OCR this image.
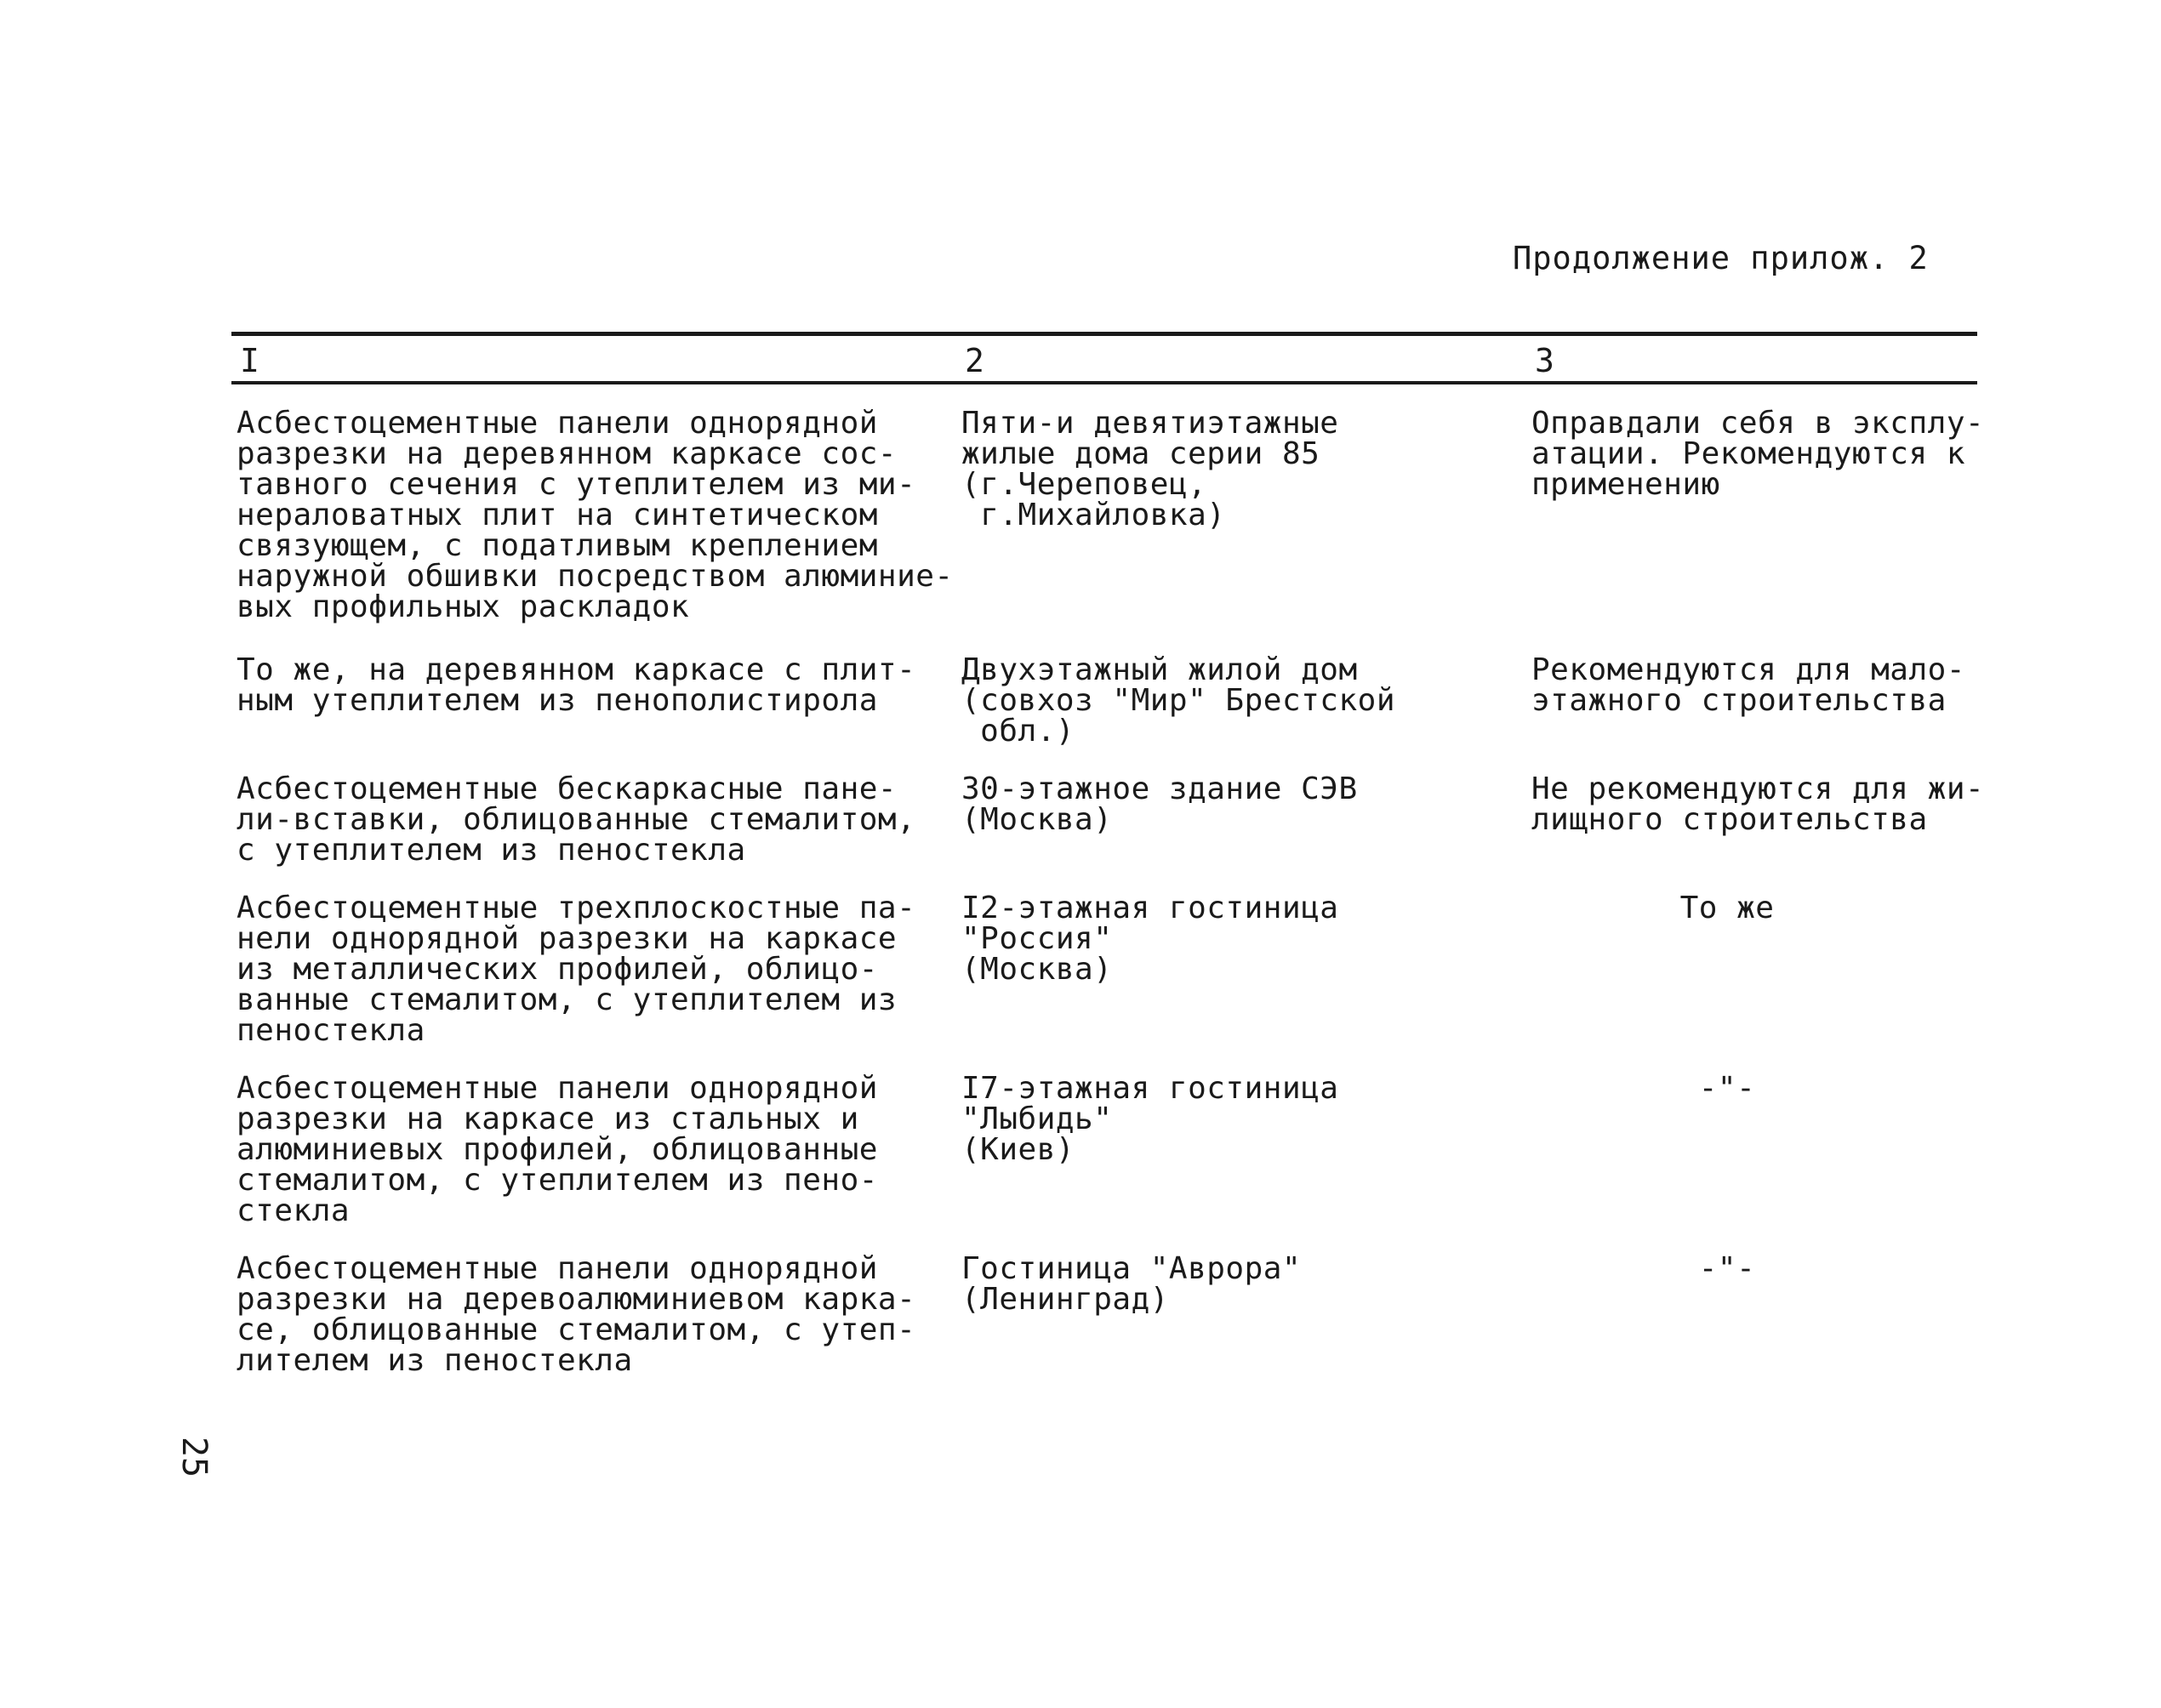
Продолжение прилож. 2
I	2	3
Асбестоцементные панели однорядной
разрезки на деревянном каркасе сос-
тавного сечения с утеплителем из ми-
нераловатных плит на синтетическом
связующем, с податливым креплением
наружной обшивки посредством алюминие-
вых профильных раскладок
Пяти-и девятиэтажные
жилые дома серии 85
(г.Череповец,
г.Михайловка)
Оправдали себя в эксплу-
атации. Рекомендуются к
применению
То же, на деревянном каркасе с плит-
ным утеплителем из пенополистирола
Двухэтажный жилой дом
(совхоз "Мир" Брестской
обл.)
Рекомендуются для мало-
этажного строительства
Асбестоцементные бескаркасные пане-
ли-вставки, облицованные стемалитом,
с утеплителем из пеностекла
30-этажное здание СЭВ
(Москва)
Не рекомендуются для жи-
лищного строительства
Асбестоцементные трехплоскостные па-
нели однорядной разрезки на каркасе
из металлических профилей, облицо-
ванные стемалитом, с утеплителем из
пеностекла
I2-этажная гостиница
"Россия"
(Москва)
То же
Асбестоцементные панели однорядной
разрезки на каркасе из стальных и
алюминиевых профилей, облицованные
стемалитом, с утеплителем из пено-
стекла
I7-этажная гостиница
"Лыбидь"
(Киев)
-"-
Асбестоцементные панели однорядной
разрезки на деревоалюминиевом карка-
се, облицованные стемалитом, с утеп-
лителем из пеностекла
Гостиница "Аврора"
(Ленинград)
-"-
25
